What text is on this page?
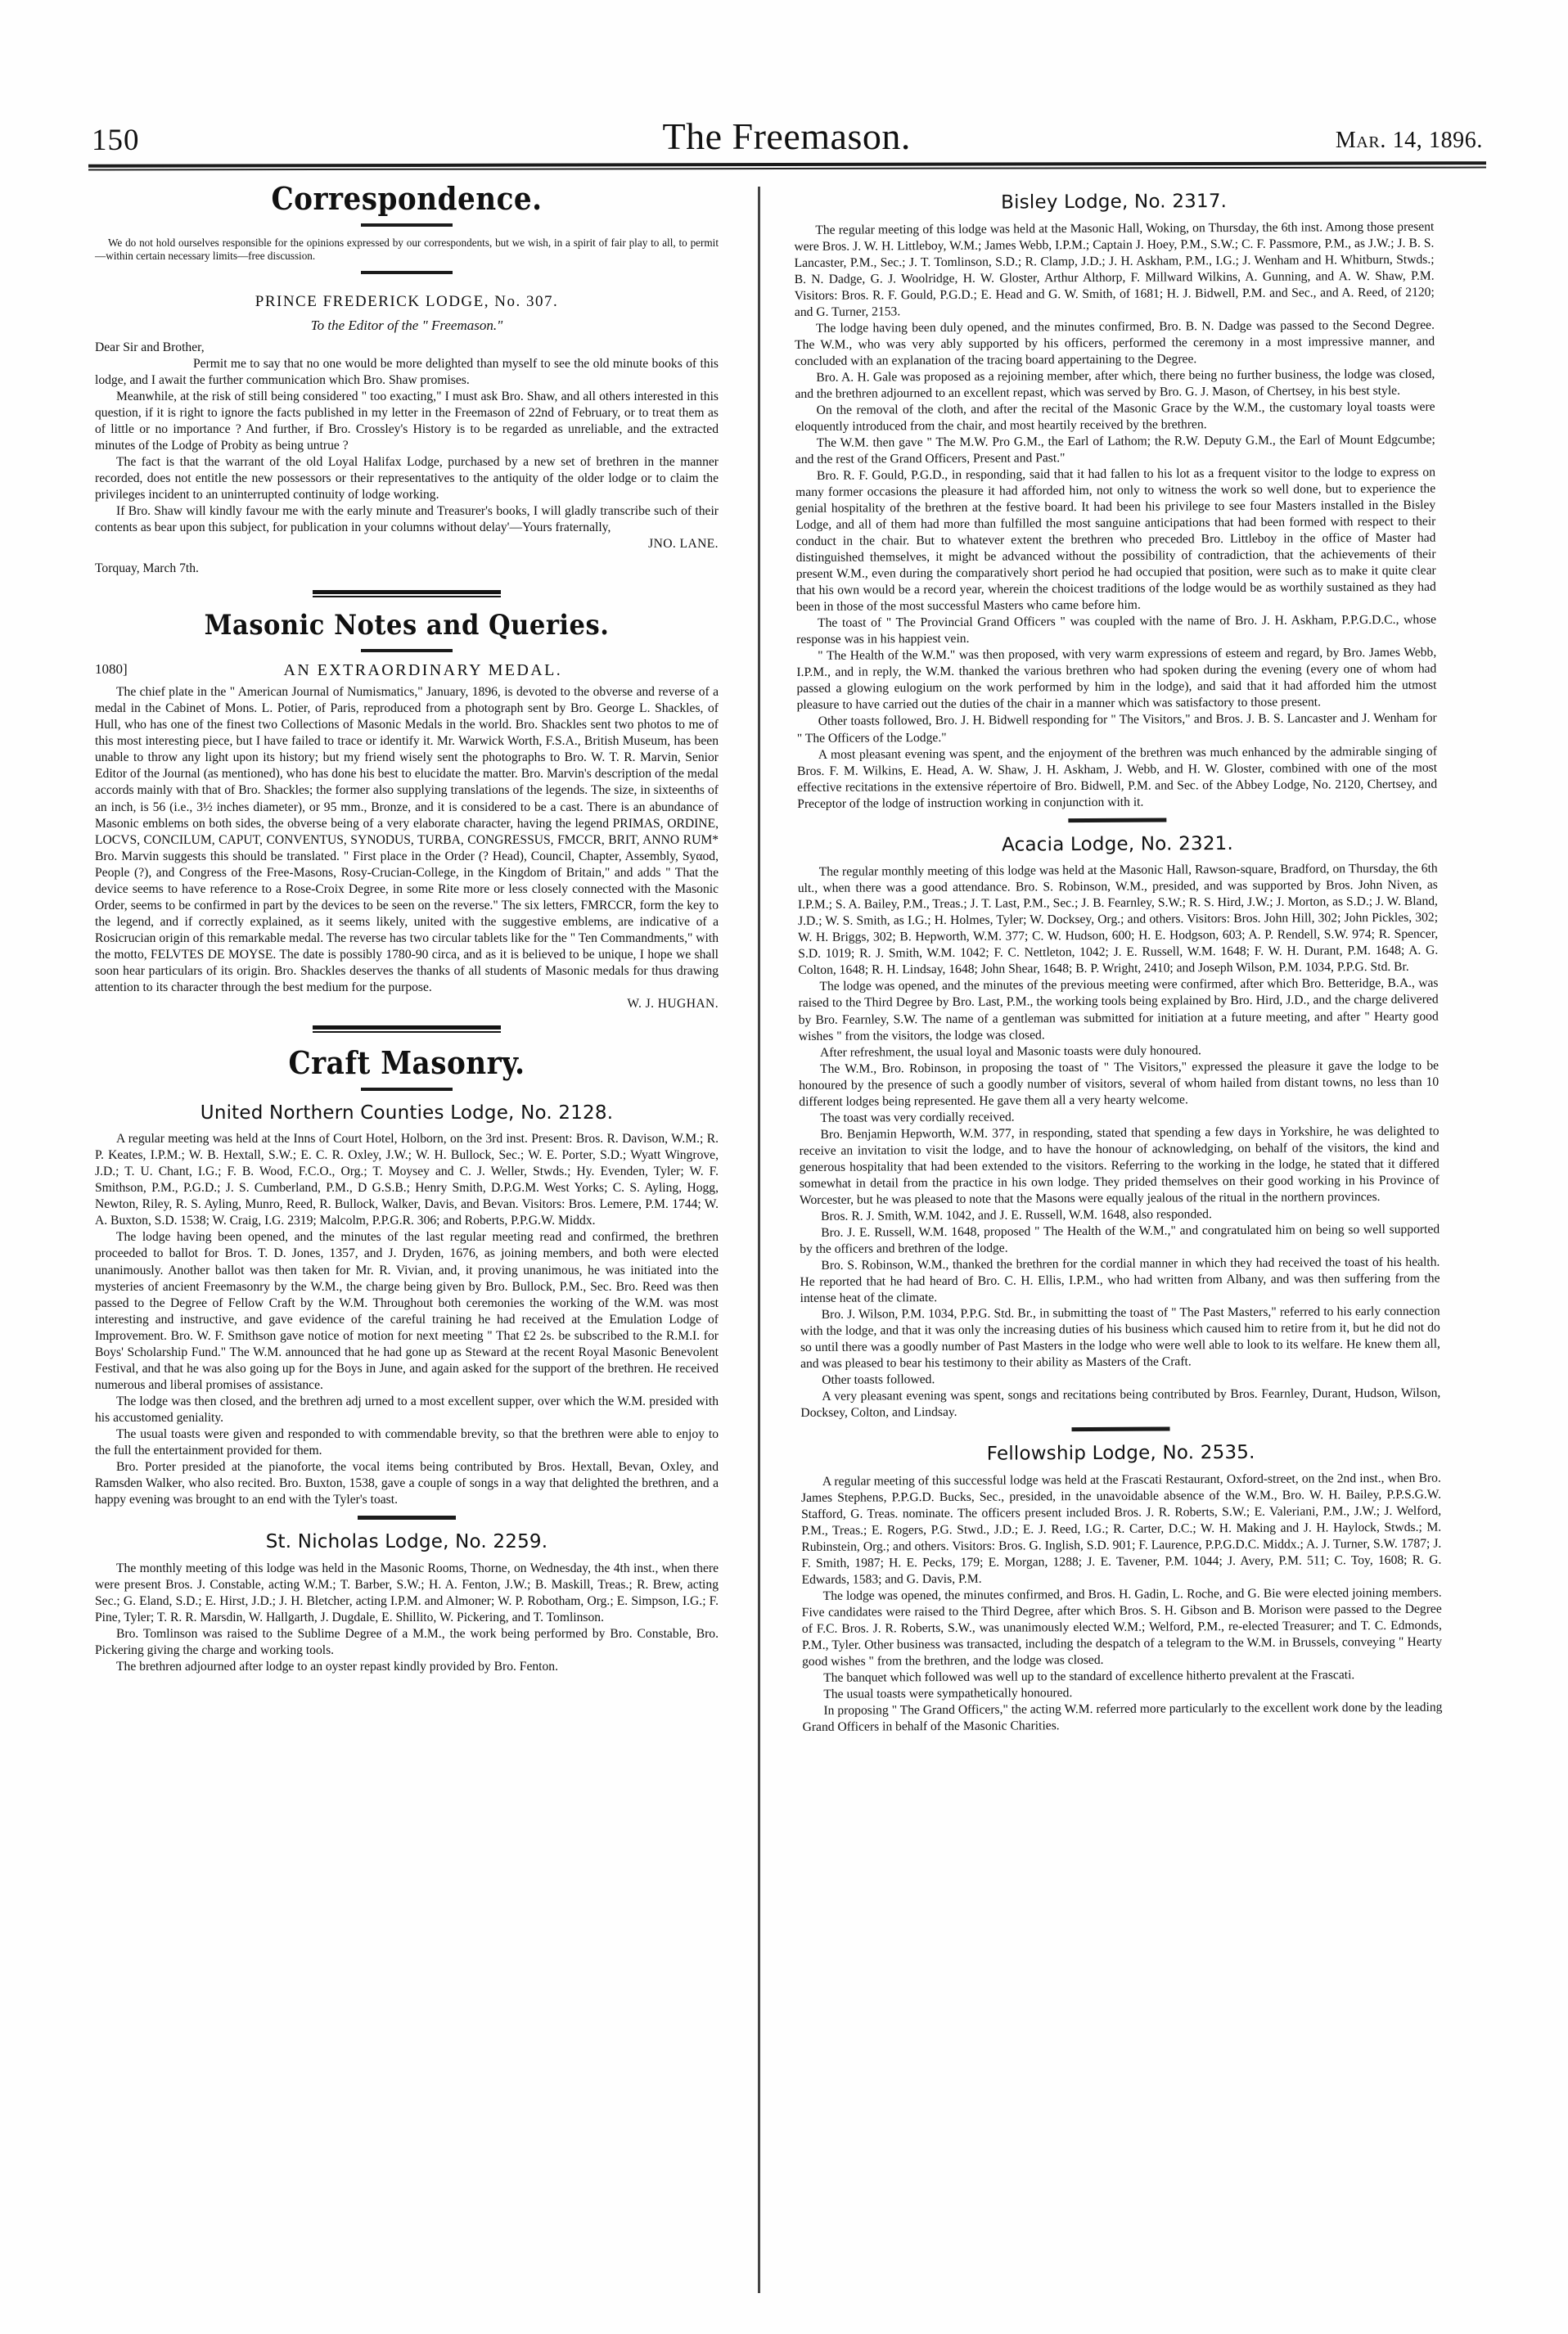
150	The Freemason.	Mar. 14, 1896.

Correspondence.

We do not hold ourselves responsible for the opinions expressed by our correspondents, but we wish, in a spirit of fair play to all, to permit—within certain necessary limits—free discussion.

PRINCE FREDERICK LODGE, No. 307.

To the Editor of the " Freemason."

Dear Sir and Brother,

Permit me to say that no one would be more delighted than myself to see the old minute books of this lodge, and I await the further communication which Bro. Shaw promises.

Meanwhile, at the risk of still being considered " too exacting," I must ask Bro. Shaw, and all others interested in this question, if it is right to ignore the facts published in my letter in the Freemason of 22nd of February, or to treat them as of little or no importance ? And further, if Bro. Crossley's History is to be regarded as unreliable, and the extracted minutes of the Lodge of Probity as being untrue ?

The fact is that the warrant of the old Loyal Halifax Lodge, purchased by a new set of brethren in the manner recorded, does not entitle the new possessors or their representatives to the antiquity of the older lodge or to claim the privileges incident to an uninterrupted continuity of lodge working.

If Bro. Shaw will kindly favour me with the early minute and Treasurer's books, I will gladly transcribe such of their contents as bear upon this subject, for publication in your columns without delay'—Yours fraternally,

JNO. LANE.

Torquay, March 7th.

Masonic Notes and Queries.

1080]	AN EXTRAORDINARY MEDAL.

The chief plate in the " American Journal of Numismatics," January, 1896, is devoted to the obverse and reverse of a medal in the Cabinet of Mons. L. Potier, of Paris, reproduced from a photograph sent by Bro. George L. Shackles, of Hull, who has one of the finest two Collections of Masonic Medals in the world. Bro. Shackles sent two photos to me of this most interesting piece, but I have failed to trace or identify it. Mr. Warwick Worth, F.S.A., British Museum, has been unable to throw any light upon its history; but my friend wisely sent the photographs to Bro. W. T. R. Marvin, Senior Editor of the Journal (as mentioned), who has done his best to elucidate the matter. Bro. Marvin's description of the medal accords mainly with that of Bro. Shackles; the former also supplying translations of the legends. The size, in sixteenths of an inch, is 56 (i.e., 3½ inches diameter), or 95 mm., Bronze, and it is considered to be a cast. There is an abundance of Masonic emblems on both sides, the obverse being of a very elaborate character, having the legend PRIMAS, ORDINE, LOCVS, CONCILUM, CAPUT, CONVENTUS, SYNODUS, TURBA, CONGRESSUS, FMCCR, BRIT, ANNO RUM* Bro. Marvin suggests this should be translated. " First place in the Order (? Head), Council, Chapter, Assembly, Syαod, People (?), and Congress of the Free-Masons, Rosy-Crucian-College, in the Kingdom of Britain," and adds " That the device seems to have reference to a Rose-Croix Degree, in some Rite more or less closely connected with the Masonic Order, seems to be confirmed in part by the devices to be seen on the reverse." The six letters, FMRCCR, form the key to the legend, and if correctly explained, as it seems likely, united with the suggestive emblems, are indicative of a Rosicrucian origin of this remarkable medal. The reverse has two circular tablets like for the " Ten Commandments," with the motto, FELVTES DE MOYSE. The date is possibly 1780-90 circa, and as it is believed to be unique, I hope we shall soon hear particulars of its origin. Bro. Shackles deserves the thanks of all students of Masonic medals for thus drawing attention to its character through the best medium for the purpose.

W. J. HUGHAN.

Craft Masonry.

United Northern Counties Lodge, No. 2128.

A regular meeting was held at the Inns of Court Hotel, Holborn, on the 3rd inst. Present: Bros. R. Davison, W.M.; R. P. Keates, I.P.M.; W. B. Hextall, S.W.; E. C. R. Oxley, J.W.; W. H. Bullock, Sec.; W. E. Porter, S.D.; Wyatt Wingrove, J.D.; T. U. Chant, I.G.; F. B. Wood, F.C.O., Org.; T. Moysey and C. J. Weller, Stwds.; Hy. Evenden, Tyler; W. F. Smithson, P.M., P.G.D.; J. S. Cumberland, P.M., D G.S.B.; Henry Smith, D.P.G.M. West Yorks; C. S. Ayling, Hogg, Newton, Riley, R. S. Ayling, Munro, Reed, R. Bullock, Walker, Davis, and Bevan. Visitors: Bros. Lemere, P.M. 1744; W. A. Buxton, S.D. 1538; W. Craig, I.G. 2319; Malcolm, P.P.G.R. 306; and Roberts, P.P.G.W. Middx.

The lodge having been opened, and the minutes of the last regular meeting read and confirmed, the brethren proceeded to ballot for Bros. T. D. Jones, 1357, and J. Dryden, 1676, as joining members, and both were elected unanimously. Another ballot was then taken for Mr. R. Vivian, and, it proving unanimous, he was initiated into the mysteries of ancient Freemasonry by the W.M., the charge being given by Bro. Bullock, P.M., Sec. Bro. Reed was then passed to the Degree of Fellow Craft by the W.M. Throughout both ceremonies the working of the W.M. was most interesting and instructive, and gave evidence of the careful training he had received at the Emulation Lodge of Improvement. Bro. W. F. Smithson gave notice of motion for next meeting " That £2 2s. be subscribed to the R.M.I. for Boys' Scholarship Fund." The W.M. announced that he had gone up as Steward at the recent Royal Masonic Benevolent Festival, and that he was also going up for the Boys in June, and again asked for the support of the brethren. He received numerous and liberal promises of assistance.

The lodge was then closed, and the brethren adj urned to a most excellent supper, over which the W.M. presided with his accustomed geniality.

The usual toasts were given and responded to with commendable brevity, so that the brethren were able to enjoy to the full the entertainment provided for them.

Bro. Porter presided at the pianoforte, the vocal items being contributed by Bros. Hextall, Bevan, Oxley, and Ramsden Walker, who also recited. Bro. Buxton, 1538, gave a couple of songs in a way that delighted the brethren, and a happy evening was brought to an end with the Tyler's toast.

St. Nicholas Lodge, No. 2259.

The monthly meeting of this lodge was held in the Masonic Rooms, Thorne, on Wednesday, the 4th inst., when there were present Bros. J. Constable, acting W.M.; T. Barber, S.W.; H. A. Fenton, J.W.; B. Maskill, Treas.; R. Brew, acting Sec.; G. Eland, S.D.; E. Hirst, J.D.; J. H. Bletcher, acting I.P.M. and Almoner; W. P. Robotham, Org.; E. Simpson, I.G.; F. Pine, Tyler; T. R. R. Marsdin, W. Hallgarth, J. Dugdale, E. Shillito, W. Pickering, and T. Tomlinson.

Bro. Tomlinson was raised to the Sublime Degree of a M.M., the work being performed by Bro. Constable, Bro. Pickering giving the charge and working tools.

The brethren adjourned after lodge to an oyster repast kindly provided by Bro. Fenton.

Bisley Lodge, No. 2317.

The regular meeting of this lodge was held at the Masonic Hall, Woking, on Thursday, the 6th inst. Among those present were Bros. J. W. H. Littleboy, W.M.; James Webb, I.P.M.; Captain J. Hoey, P.M., S.W.; C. F. Passmore, P.M., as J.W.; J. B. S. Lancaster, P.M., Sec.; J. T. Tomlinson, S.D.; R. Clamp, J.D.; J. H. Askham, P.M., I.G.; J. Wenham and H. Whitburn, Stwds.; B. N. Dadge, G. J. Woolridge, H. W. Gloster, Arthur Althorp, F. Millward Wilkins, A. Gunning, and A. W. Shaw, P.M. Visitors: Bros. R. F. Gould, P.G.D.; E. Head and G. W. Smith, of 1681; H. J. Bidwell, P.M. and Sec., and A. Reed, of 2120; and G. Turner, 2153.

The lodge having been duly opened, and the minutes confirmed, Bro. B. N. Dadge was passed to the Second Degree. The W.M., who was very ably supported by his officers, performed the ceremony in a most impressive manner, and concluded with an explanation of the tracing board appertaining to the Degree.

Bro. A. H. Gale was proposed as a rejoining member, after which, there being no further business, the lodge was closed, and the brethren adjourned to an excellent repast, which was served by Bro. G. J. Mason, of Chertsey, in his best style.

On the removal of the cloth, and after the recital of the Masonic Grace by the W.M., the customary loyal toasts were eloquently introduced from the chair, and most heartily received by the brethren.

The W.M. then gave " The M.W. Pro G.M., the Earl of Lathom; the R.W. Deputy G.M., the Earl of Mount Edgcumbe; and the rest of the Grand Officers, Present and Past."

Bro. R. F. Gould, P.G.D., in responding, said that it had fallen to his lot as a frequent visitor to the lodge to express on many former occasions the pleasure it had afforded him, not only to witness the work so well done, but to experience the genial hospitality of the brethren at the festive board. It had been his privilege to see four Masters installed in the Bisley Lodge, and all of them had more than fulfilled the most sanguine anticipations that had been formed with respect to their conduct in the chair. But to whatever extent the brethren who preceded Bro. Littleboy in the office of Master had distinguished themselves, it might be advanced without the possibility of contradiction, that the achievements of their present W.M., even during the comparatively short period he had occupied that position, were such as to make it quite clear that his own would be a record year, wherein the choicest traditions of the lodge would be as worthily sustained as they had been in those of the most successful Masters who came before him.

The toast of " The Provincial Grand Officers " was coupled with the name of Bro. J. H. Askham, P.P.G.D.C., whose response was in his happiest vein.

" The Health of the W.M." was then proposed, with very warm expressions of esteem and regard, by Bro. James Webb, I.P.M., and in reply, the W.M. thanked the various brethren who had spoken during the evening (every one of whom had passed a glowing eulogium on the work performed by him in the lodge), and said that it had afforded him the utmost pleasure to have carried out the duties of the chair in a manner which was satisfactory to those present.

Other toasts followed, Bro. J. H. Bidwell responding for " The Visitors," and Bros. J. B. S. Lancaster and J. Wenham for " The Officers of the Lodge."

A most pleasant evening was spent, and the enjoyment of the brethren was much enhanced by the admirable singing of Bros. F. M. Wilkins, E. Head, A. W. Shaw, J. H. Askham, J. Webb, and H. W. Gloster, combined with one of the most effective recitations in the extensive répertoire of Bro. Bidwell, P.M. and Sec. of the Abbey Lodge, No. 2120, Chertsey, and Preceptor of the lodge of instruction working in conjunction with it.

Acacia Lodge, No. 2321.

The regular monthly meeting of this lodge was held at the Masonic Hall, Rawson-square, Bradford, on Thursday, the 6th ult., when there was a good attendance. Bro. S. Robinson, W.M., presided, and was supported by Bros. John Niven, as I.P.M.; S. A. Bailey, P.M., Treas.; J. T. Last, P.M., Sec.; J. B. Fearnley, S.W.; R. S. Hird, J.W.; J. Morton, as S.D.; J. W. Bland, J.D.; W. S. Smith, as I.G.; H. Holmes, Tyler; W. Docksey, Org.; and others. Visitors: Bros. John Hill, 302; John Pickles, 302; W. H. Briggs, 302; B. Hepworth, W.M. 377; C. W. Hudson, 600; H. E. Hodgson, 603; A. P. Rendell, S.W. 974; R. Spencer, S.D. 1019; R. J. Smith, W.M. 1042; F. C. Nettleton, 1042; J. E. Russell, W.M. 1648; F. W. H. Durant, P.M. 1648; A. G. Colton, 1648; R. H. Lindsay, 1648; John Shear, 1648; B. P. Wright, 2410; and Joseph Wilson, P.M. 1034, P.P.G. Std. Br.

The lodge was opened, and the minutes of the previous meeting were confirmed, after which Bro. Betteridge, B.A., was raised to the Third Degree by Bro. Last, P.M., the working tools being explained by Bro. Hird, J.D., and the charge delivered by Bro. Fearnley, S.W. The name of a gentleman was submitted for initiation at a future meeting, and after " Hearty good wishes " from the visitors, the lodge was closed.

After refreshment, the usual loyal and Masonic toasts were duly honoured.

The W.M., Bro. Robinson, in proposing the toast of " The Visitors," expressed the pleasure it gave the lodge to be honoured by the presence of such a goodly number of visitors, several of whom hailed from distant towns, no less than 10 different lodges being represented. He gave them all a very hearty welcome.

The toast was very cordially received.

Bro. Benjamin Hepworth, W.M. 377, in responding, stated that spending a few days in Yorkshire, he was delighted to receive an invitation to visit the lodge, and to have the honour of acknowledging, on behalf of the visitors, the kind and generous hospitality that had been extended to the visitors. Referring to the working in the lodge, he stated that it differed somewhat in detail from the practice in his own lodge. They prided themselves on their good working in his Province of Worcester, but he was pleased to note that the Masons were equally jealous of the ritual in the northern provinces.

Bros. R. J. Smith, W.M. 1042, and J. E. Russell, W.M. 1648, also responded.

Bro. J. E. Russell, W.M. 1648, proposed " The Health of the W.M.," and congratulated him on being so well supported by the officers and brethren of the lodge.

Bro. S. Robinson, W.M., thanked the brethren for the cordial manner in which they had received the toast of his health. He reported that he had heard of Bro. C. H. Ellis, I.P.M., who had written from Albany, and was then suffering from the intense heat of the climate.

Bro. J. Wilson, P.M. 1034, P.P.G. Std. Br., in submitting the toast of " The Past Masters," referred to his early connection with the lodge, and that it was only the increasing duties of his business which caused him to retire from it, but he did not do so until there was a goodly number of Past Masters in the lodge who were well able to look to its welfare. He knew them all, and was pleased to bear his testimony to their ability as Masters of the Craft.

Other toasts followed.

A very pleasant evening was spent, songs and recitations being contributed by Bros. Fearnley, Durant, Hudson, Wilson, Docksey, Colton, and Lindsay.

Fellowship Lodge, No. 2535.

A regular meeting of this successful lodge was held at the Frascati Restaurant, Oxford-street, on the 2nd inst., when Bro. James Stephens, P.P.G.D. Bucks, Sec., presided, in the unavoidable absence of the W.M., Bro. W. H. Bailey, P.P.S.G.W. Stafford, G. Treas. nominate. The officers present included Bros. J. R. Roberts, S.W.; E. Valeriani, P.M., J.W.; J. Welford, P.M., Treas.; E. Rogers, P.G. Stwd., J.D.; E. J. Reed, I.G.; R. Carter, D.C.; W. H. Making and J. H. Haylock, Stwds.; M. Rubinstein, Org.; and others. Visitors: Bros. G. Inglish, S.D. 901; F. Laurence, P.P.G.D.C. Middx.; A. J. Turner, S.W. 1787; J. F. Smith, 1987; H. E. Pecks, 179; E. Morgan, 1288; J. E. Tavener, P.M. 1044; J. Avery, P.M. 511; C. Toy, 1608; R. G. Edwards, 1583; and G. Davis, P.M.

The lodge was opened, the minutes confirmed, and Bros. H. Gadin, L. Roche, and G. Bie were elected joining members. Five candidates were raised to the Third Degree, after which Bros. S. H. Gibson and B. Morison were passed to the Degree of F.C. Bros. J. R. Roberts, S.W., was unanimously elected W.M.; Welford, P.M., re-elected Treasurer; and T. C. Edmonds, P.M., Tyler. Other business was transacted, including the despatch of a telegram to the W.M. in Brussels, conveying " Hearty good wishes " from the brethren, and the lodge was closed.

The banquet which followed was well up to the standard of excellence hitherto prevalent at the Frascati.

The usual toasts were sympathetically honoured.

In proposing " The Grand Officers," the acting W.M. referred more particularly to the excellent work done by the leading Grand Officers in behalf of the Masonic Charities.
